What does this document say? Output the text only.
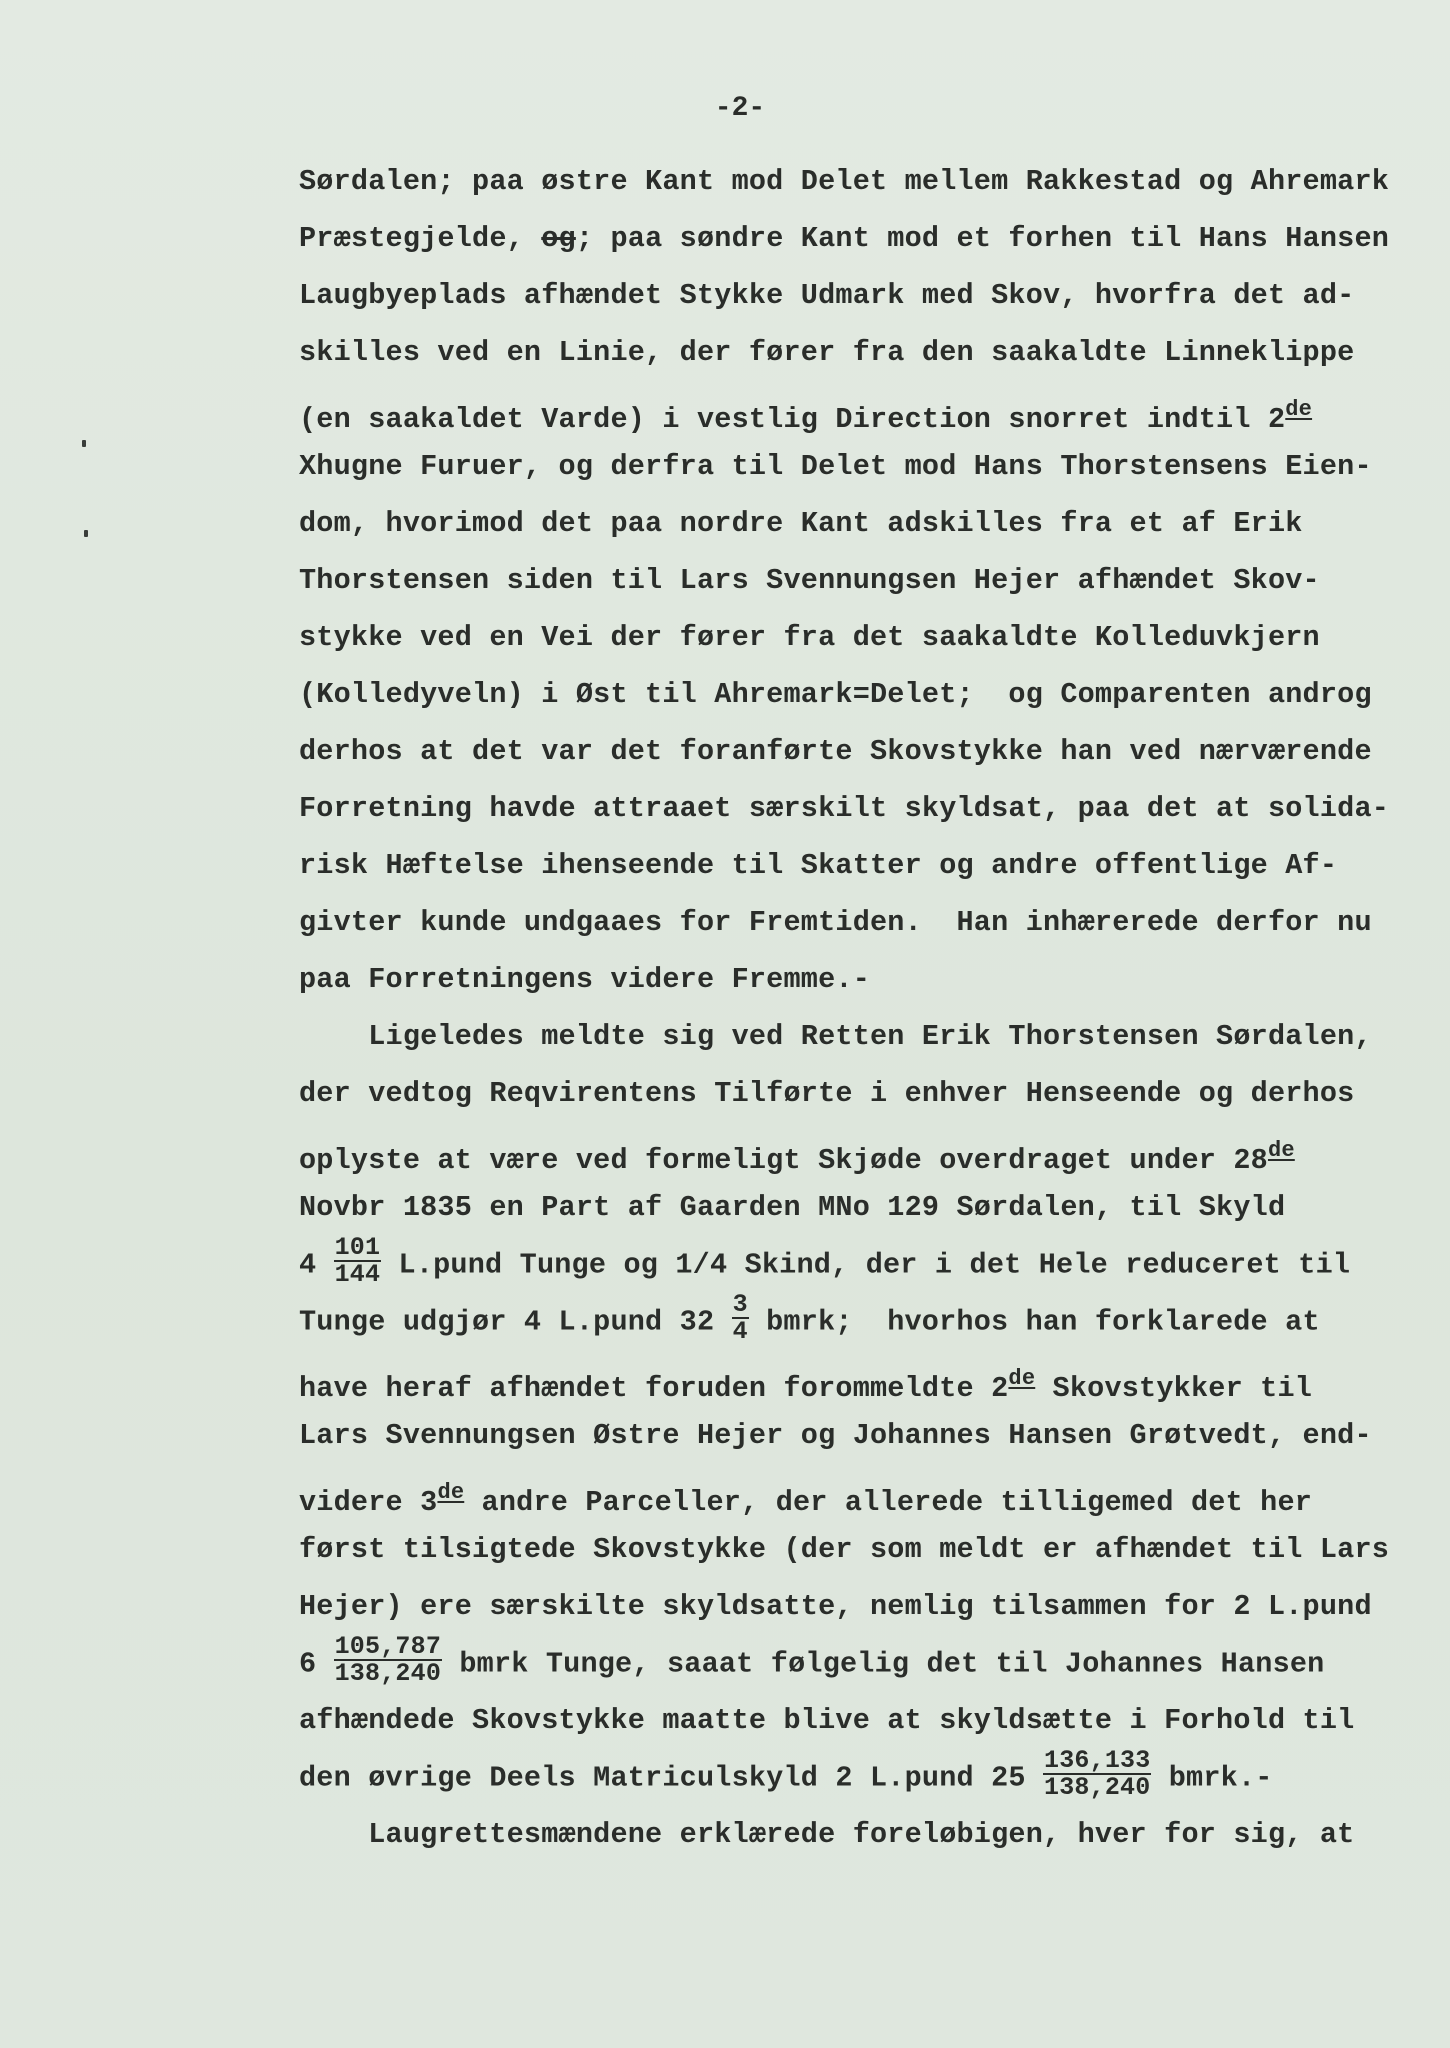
-2-
Sørdalen; paa østre Kant mod Delet mellem Rakkestad og Ahremark
Præstegjelde, og; paa søndre Kant mod et forhen til Hans Hansen
Laugbyeplads afhændet Stykke Udmark med Skov, hvorfra det ad-
skilles ved en Linie, der fører fra den saakaldte Linneklippe
(en saakaldet Varde) i vestlig Direction snorret indtil 2de
Xhugne Furuer, og derfra til Delet mod Hans Thorstensens Eien-
dom, hvorimod det paa nordre Kant adskilles fra et af Erik
Thorstensen siden til Lars Svennungsen Hejer afhændet Skov-
stykke ved en Vei der fører fra det saakaldte Kolleduvkjern
(Kolledyveln) i Øst til Ahremark=Delet;  og Comparenten androg
derhos at det var det foranførte Skovstykke han ved nærværende
Forretning havde attraaet særskilt skyldsat, paa det at solida-
risk Hæftelse ihenseende til Skatter og andre offentlige Af-
givter kunde undgaaes for Fremtiden.  Han inhærerede derfor nu
paa Forretningens videre Fremme.-
Ligeledes meldte sig ved Retten Erik Thorstensen Sørdalen,
der vedtog Reqvirentens Tilførte i enhver Henseende og derhos
oplyste at være ved formeligt Skjøde overdraget under 28de
Novbr 1835 en Part af Gaarden MNo 129 Sørdalen, til Skyld
$4 \frac{101}{144}$ L.pund Tunge og 1/4 Skind, der i det Hele reduceret til
Tunge udgjør 4 L.pund $32 \frac{3}{4}$ bmrk;  hvorhos han forklarede at
have heraf afhændet foruden forommeldte 2de Skovstykker til
Lars Svennungsen Østre Hejer og Johannes Hansen Grøtvedt, end-
videre 3de andre Parceller, der allerede tilligemed det her
først tilsigtede Skovstykke (der som meldt er afhændet til Lars
Hejer) ere særskilte skyldsatte, nemlig tilsammen for 2 L.pund
$6 \frac{105,787}{138,240}$ bmrk Tunge, saaat følgelig det til Johannes Hansen
afhændede Skovstykke maatte blive at skyldsætte i Forhold til
den øvrige Deels Matriculskyld 2 L.pund $25 \frac{136,133}{138,240}$ bmrk.-
Laugrettesmændene erklærede foreløbigen, hver for sig, at
